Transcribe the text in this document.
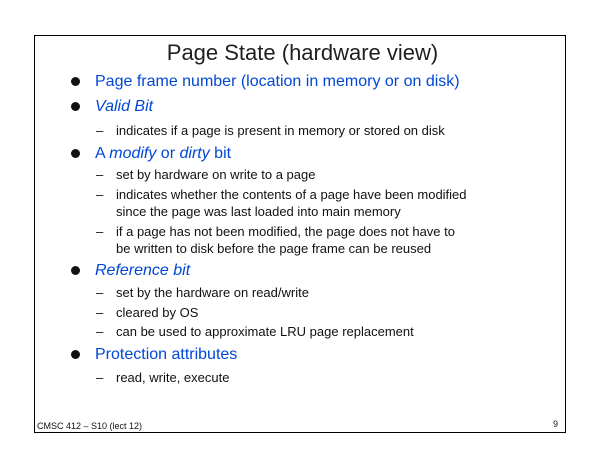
Page State (hardware view)
Page frame number (location in memory or on disk)
Valid Bit
– indicates if a page is present in memory or stored on disk
A modify or dirty bit
– set by hardware on write to a page
– indicates whether the contents of a page have been modified
since the page was last loaded into main memory
– if a page has not been modified, the page does not have to
be written to disk before the page frame can be reused
Reference bit
– set by the hardware on read/write
– cleared by OS
– can be used to approximate LRU page replacement
Protection attributes
– read, write, execute
CMSC 412 – S10 (lect 12)	9
